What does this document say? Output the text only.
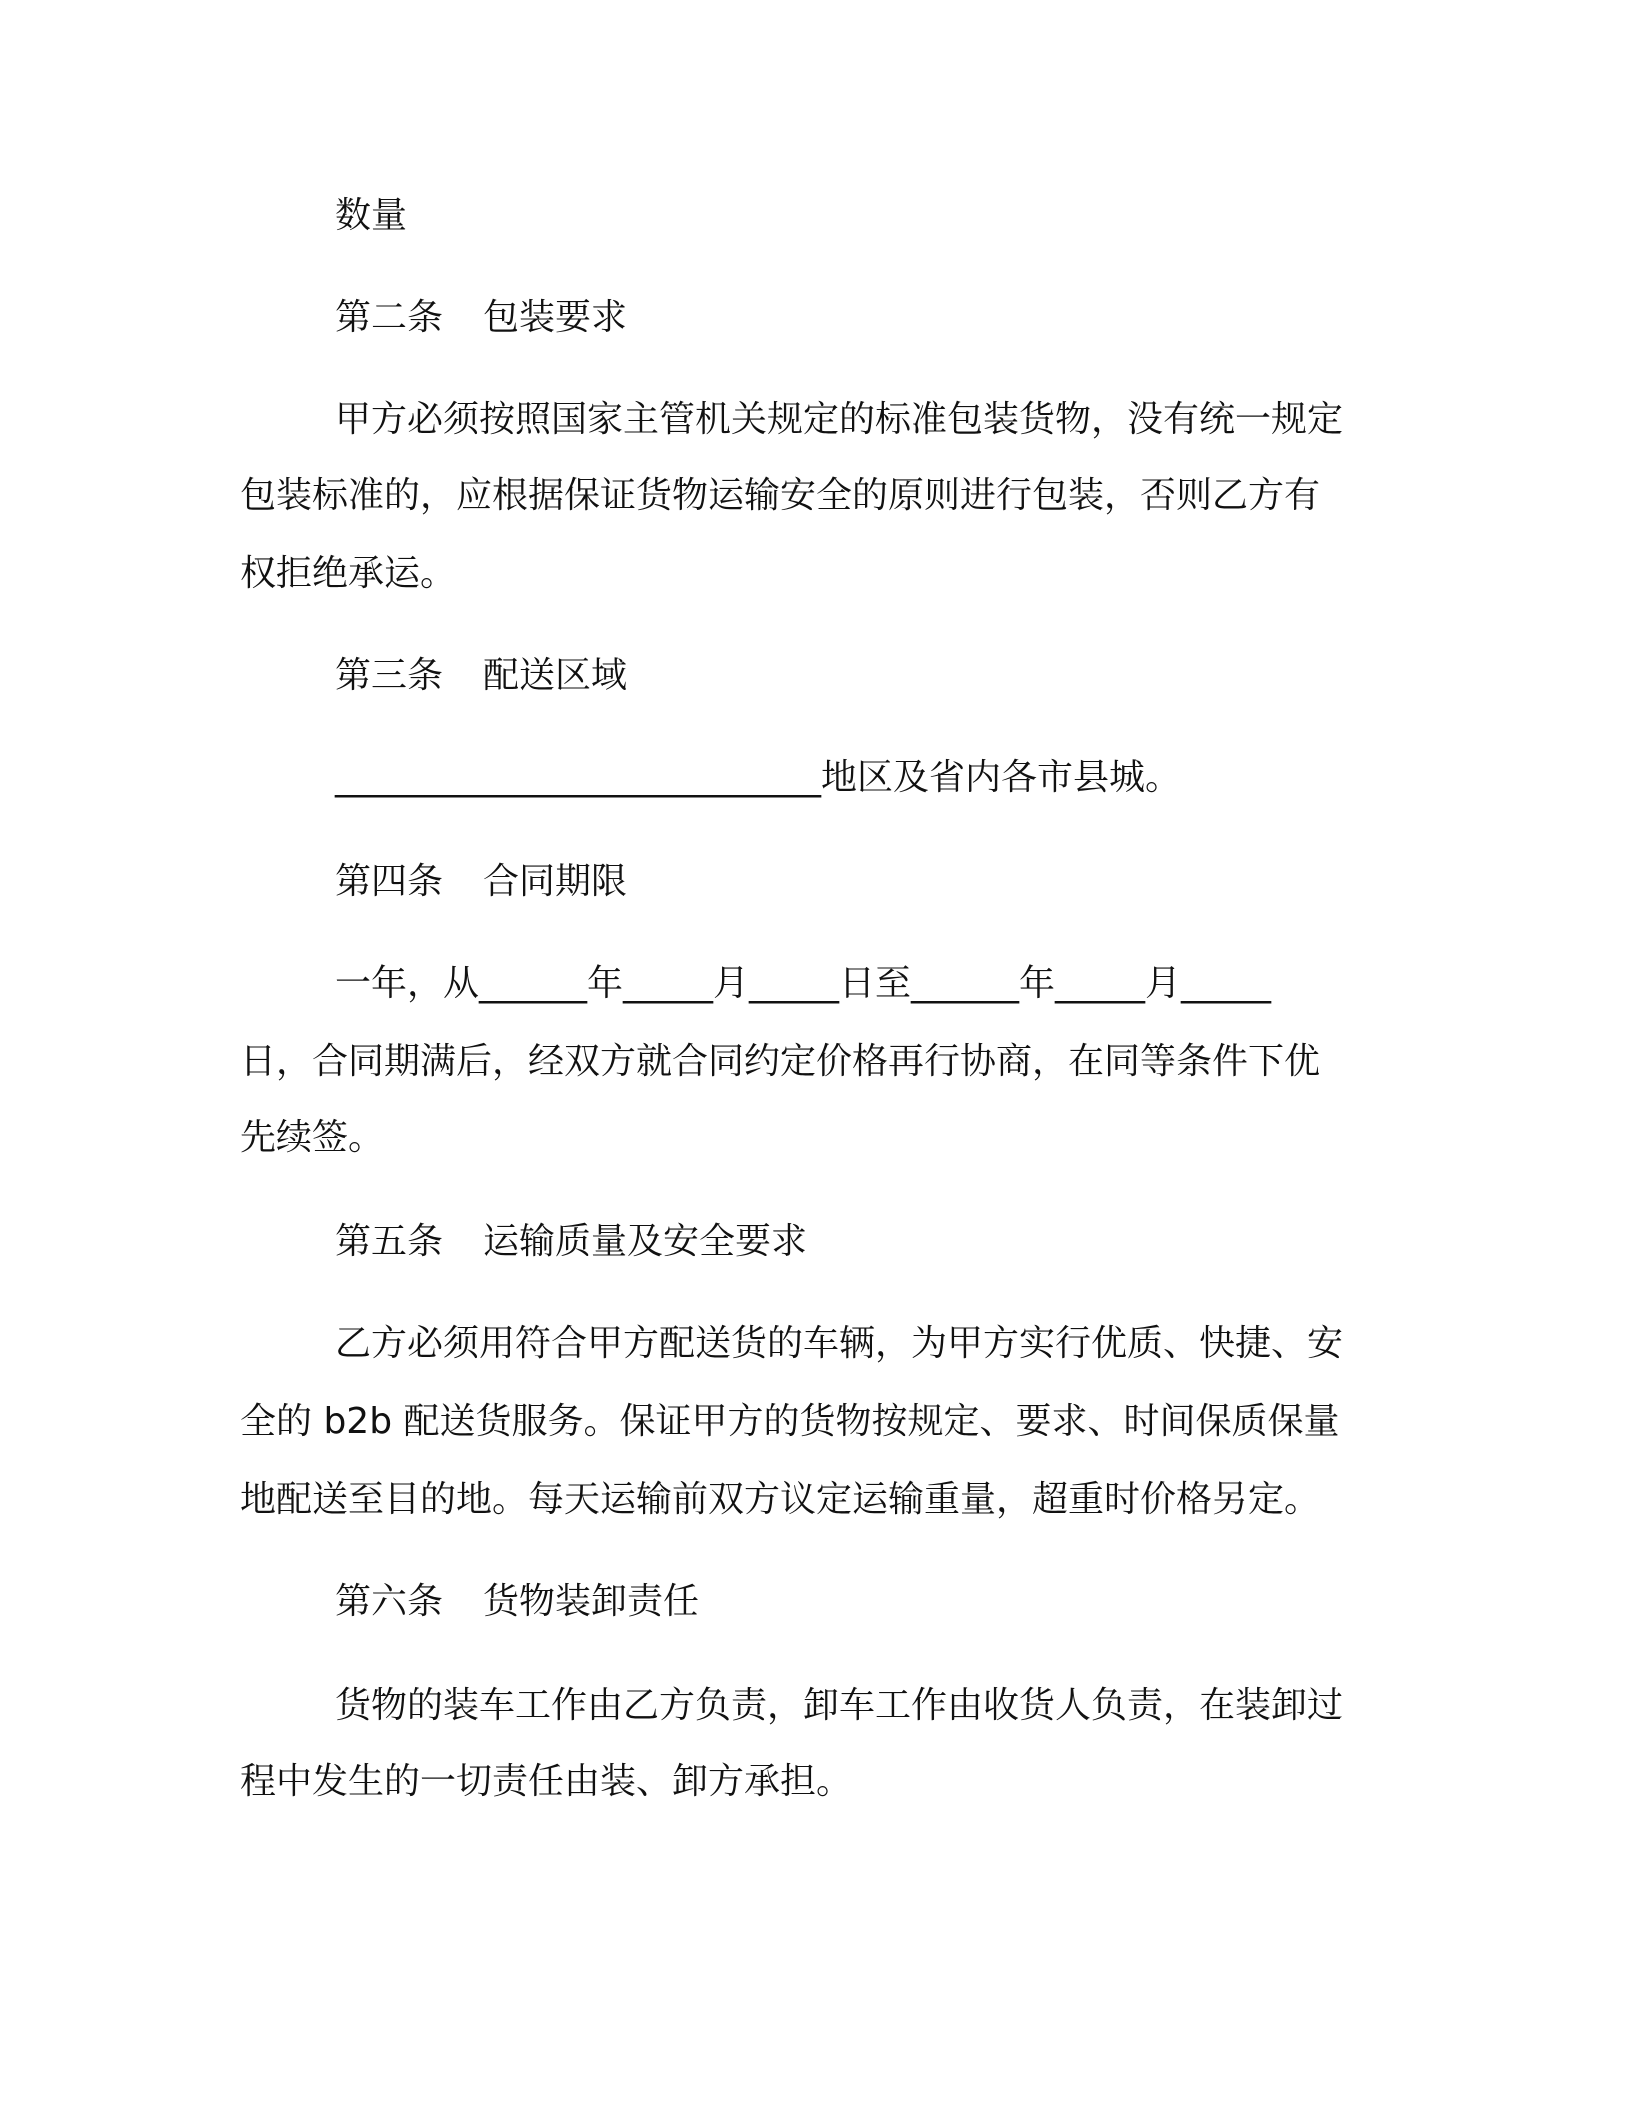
数量
第二条 包装要求
甲方必须按照国家主管机关规定的标准包装货物，没有统一规定
包装标准的，应根据保证货物运输安全的原则进行包装，否则乙方有
权拒绝承运。
第三条 配送区域
___________________________地区及省内各市县城。
第四条 合同期限
一年，从______年_____月_____日至______年_____月_____
日，合同期满后，经双方就合同约定价格再行协商，在同等条件下优
先续签。
第五条 运输质量及安全要求
乙方必须用符合甲方配送货的车辆，为甲方实行优质、快捷、安
全的 b2b 配送货服务。保证甲方的货物按规定、要求、时间保质保量
地配送至目的地。每天运输前双方议定运输重量，超重时价格另定。
第六条 货物装卸责任
货物的装车工作由乙方负责，卸车工作由收货人负责，在装卸过
程中发生的一切责任由装、卸方承担。
